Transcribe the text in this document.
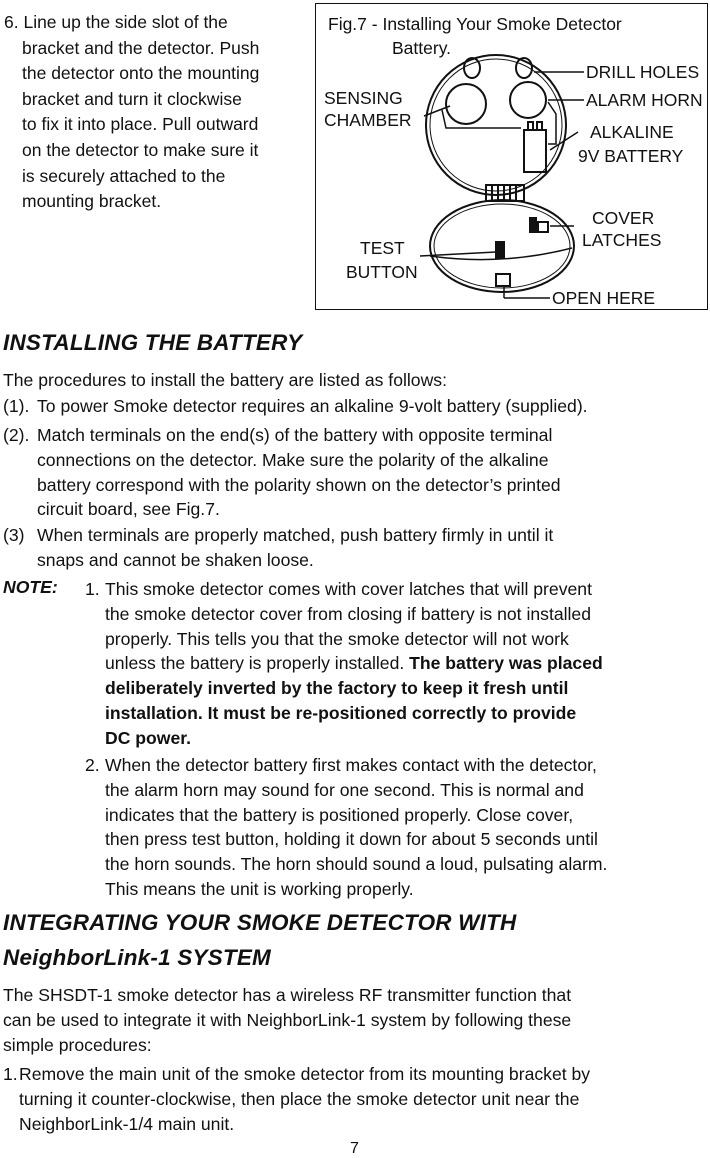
6. Line up the side slot of the
bracket and the detector. Push
the detector onto the mounting
bracket and turn it clockwise
to fix it into place. Pull outward
on the detector to make sure it
is securely attached to the
mounting bracket.
Fig.7 - Installing Your Smoke Detector
Battery.
SENSING
CHAMBER
DRILL HOLES
ALARM HORN
ALKALINE
9V BATTERY
COVER
LATCHES
TEST
BUTTON
OPEN HERE
INSTALLING THE BATTERY
The procedures to install the battery are listed as follows:
(1). To power Smoke detector requires an alkaline 9-volt battery (supplied).
(2). Match terminals on the end(s) of the battery with opposite terminal
connections on the detector. Make sure the polarity of the alkaline
battery correspond with the polarity shown on the detector’s printed
circuit board, see Fig.7.
(3) When terminals are properly matched, push battery firmly in until it
snaps and cannot be shaken loose.
NOTE: 1. This smoke detector comes with cover latches that will prevent
the smoke detector cover from closing if battery is not installed
properly. This tells you that the smoke detector will not work
unless the battery is properly installed. The battery was placed
deliberately inverted by the factory to keep it fresh until
installation. It must be re-positioned correctly to provide
DC power.
2. When the detector battery first makes contact with the detector,
the alarm horn may sound for one second. This is normal and
indicates that the battery is positioned properly. Close cover,
then press test button, holding it down for about 5 seconds until
the horn sounds. The horn should sound a loud, pulsating alarm.
This means the unit is working properly.
INTEGRATING YOUR SMOKE DETECTOR WITH
NeighborLink-1 SYSTEM
The SHSDT-1 smoke detector has a wireless RF transmitter function that
can be used to integrate it with NeighborLink-1 system by following these
simple procedures:
1.Remove the main unit of the smoke detector from its mounting bracket by
turning it counter-clockwise, then place the smoke detector unit near the
NeighborLink-1/4 main unit.
7
